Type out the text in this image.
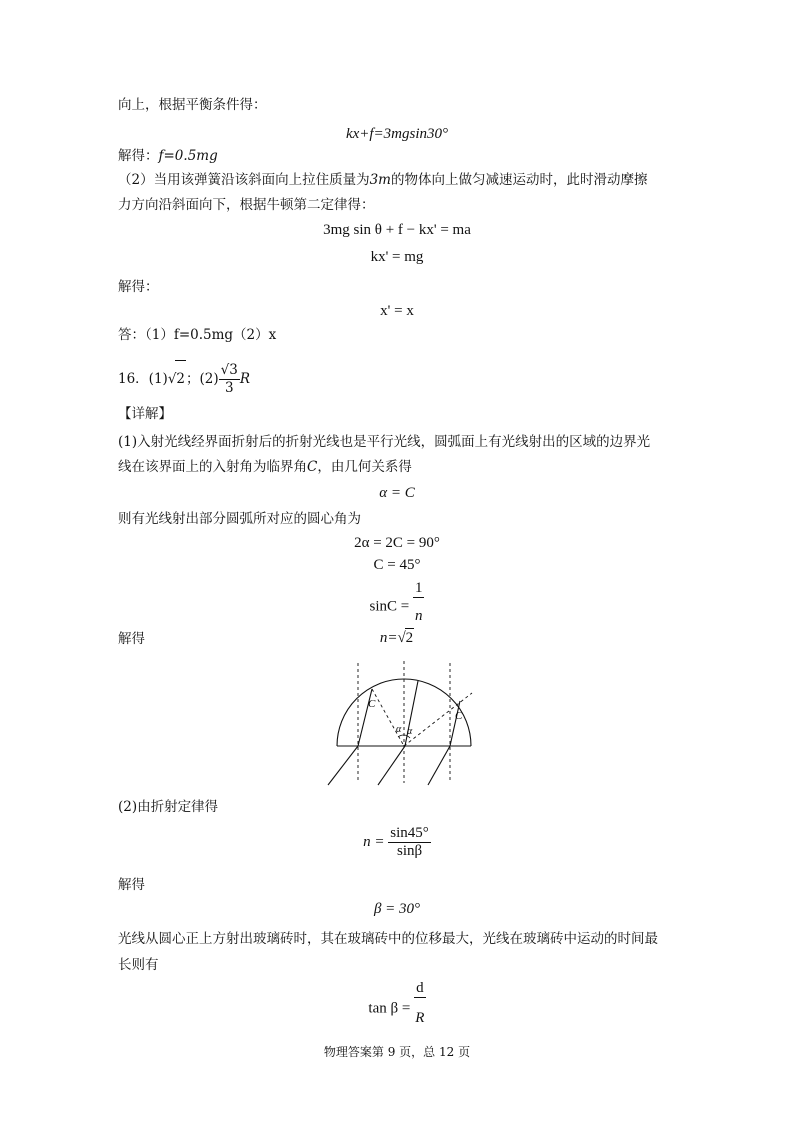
向上，根据平衡条件得：
kx+f=3mgsin30°
解得：f=0.5mg
（2）当用该弹簧沿该斜面向上拉住质量为3m的物体向上做匀减速运动时，此时滑动摩擦
力方向沿斜面向下，根据牛顿第二定律得：
3mg sin θ + f − kx' = ma
kx' = mg
解得：
x' = x
答：（1）f=0.5mg（2）x
16．(1)√2；$(2) \frac{√3}{3}$ R
【详解】
(1)入射光线经界面折射后的折射光线也是平行光线，圆弧面上有光线射出的区域的边界光
线在该界面上的入射角为临界角C，由几何关系得
α = C
则有光线射出部分圆弧所对应的圆心角为
2α = 2C = 90°
C = 45°
$\sin C = \frac{1}{n}$
解得	n=√2
C
C
α α
(2)由折射定律得
$n = \frac{\sin 45^\circ}{\sin\beta}$
解得
β = 30°
光线从圆心正上方射出玻璃砖时，其在玻璃砖中的位移最大，光线在玻璃砖中运动的时间最
长则有
$\tan \beta = \frac{d}{R}$
物理答案第 9 页，总 12 页
